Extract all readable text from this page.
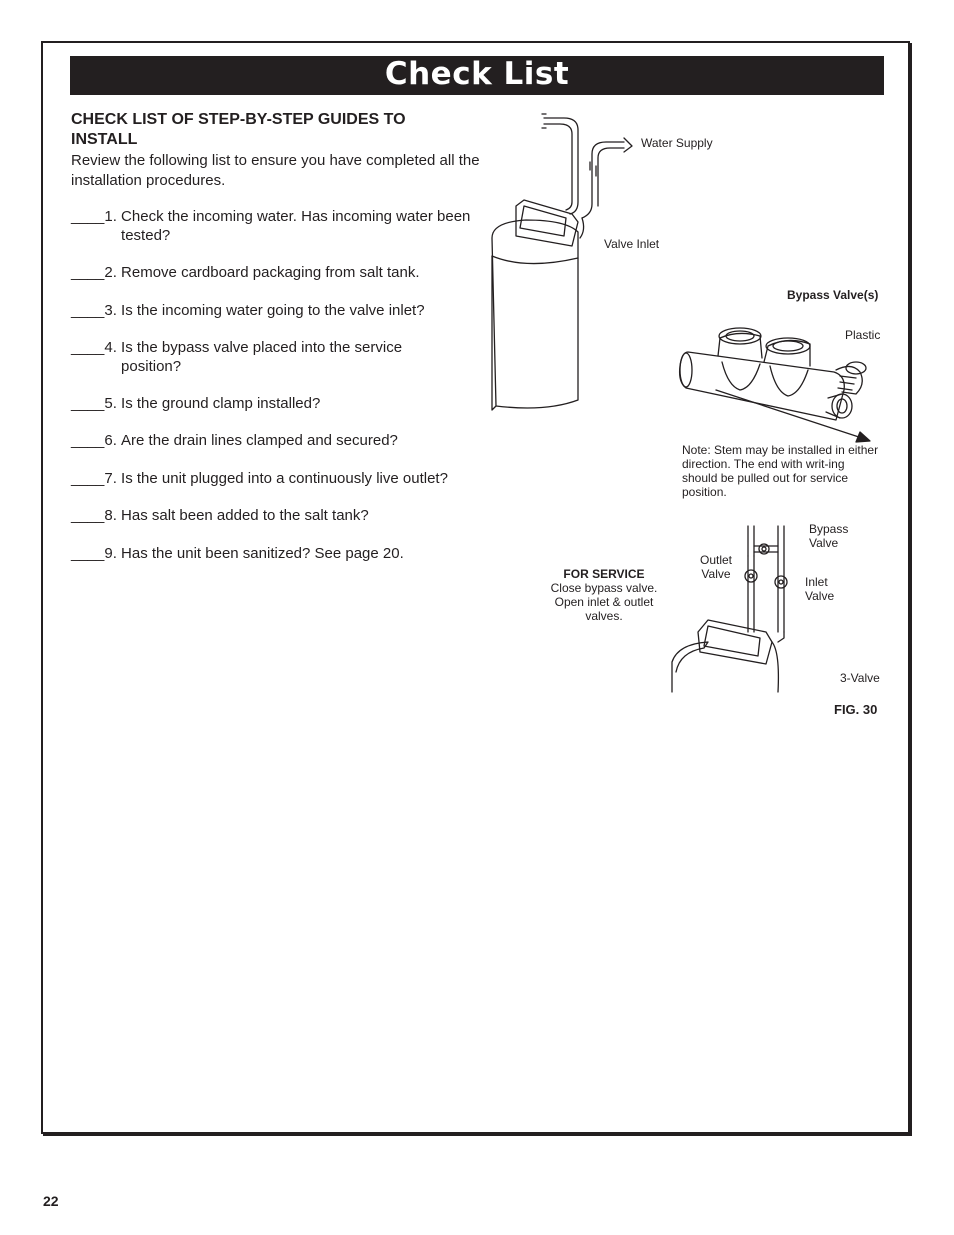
Check List

CHECK LIST OF STEP-BY-STEP GUIDES TO INSTALL

Review the following list to ensure you have completed all the installation procedures.

____1. Check the incoming water. Has incoming water been tested?
____2. Remove cardboard packaging from salt tank.
____3. Is the incoming water going to the valve inlet?
____4. Is the bypass valve placed into the service position?
____5. Is the ground clamp installed?
____6. Are the drain lines clamped and secured?
____7. Is the unit plugged into a continuously live outlet?
____8. Has salt been added to the salt tank?
____9. Has the unit been sanitized? See page 20.

Water Supply

Valve Inlet

Bypass Valve(s)

Plastic

Note: Stem may be installed in either direction. The end with writ-ing should be pulled out for service position.

Bypass Valve

Outlet Valve

Inlet Valve

FOR SERVICE
Close bypass valve. Open inlet & outlet valves.

3-Valve

FIG. 30

22
